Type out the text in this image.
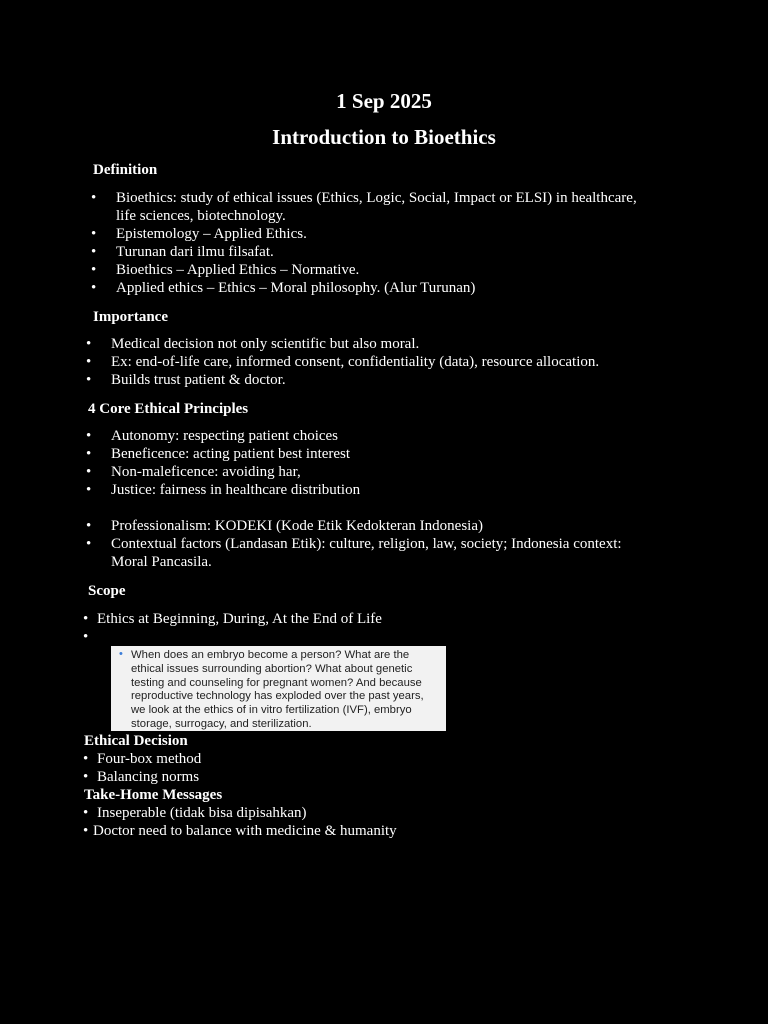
1 Sep 2025
Introduction to Bioethics
Definition
• Bioethics: study of ethical issues (Ethics, Logic, Social, Impact or ELSI) in healthcare,
life sciences, biotechnology.
• Epistemology – Applied Ethics.
• Turunan dari ilmu filsafat.
• Bioethics – Applied Ethics – Normative.
• Applied ethics – Ethics – Moral philosophy. (Alur Turunan)
Importance
• Medical decision not only scientific but also moral.
• Ex: end-of-life care, informed consent, confidentiality (data), resource allocation.
• Builds trust patient & doctor.
4 Core Ethical Principles
• Autonomy: respecting patient choices
• Beneficence: acting patient best interest
• Non-maleficence: avoiding har,
• Justice: fairness in healthcare distribution
• Professionalism: KODEKI (Kode Etik Kedokteran Indonesia)
• Contextual factors (Landasan Etik): culture, religion, law, society; Indonesia context:
Moral Pancasila.
Scope
• Ethics at Beginning, During, At the End of Life
•
• When does an embryo become a person? What are the
ethical issues surrounding abortion? What about genetic
testing and counseling for pregnant women? And because
reproductive technology has exploded over the past years,
we look at the ethics of in vitro fertilization (IVF), embryo
storage, surrogacy, and sterilization.
Ethical Decision
• Four-box method
• Balancing norms
Take-Home Messages
• Inseperable (tidak bisa dipisahkan)
• Doctor need to balance with medicine & humanity
